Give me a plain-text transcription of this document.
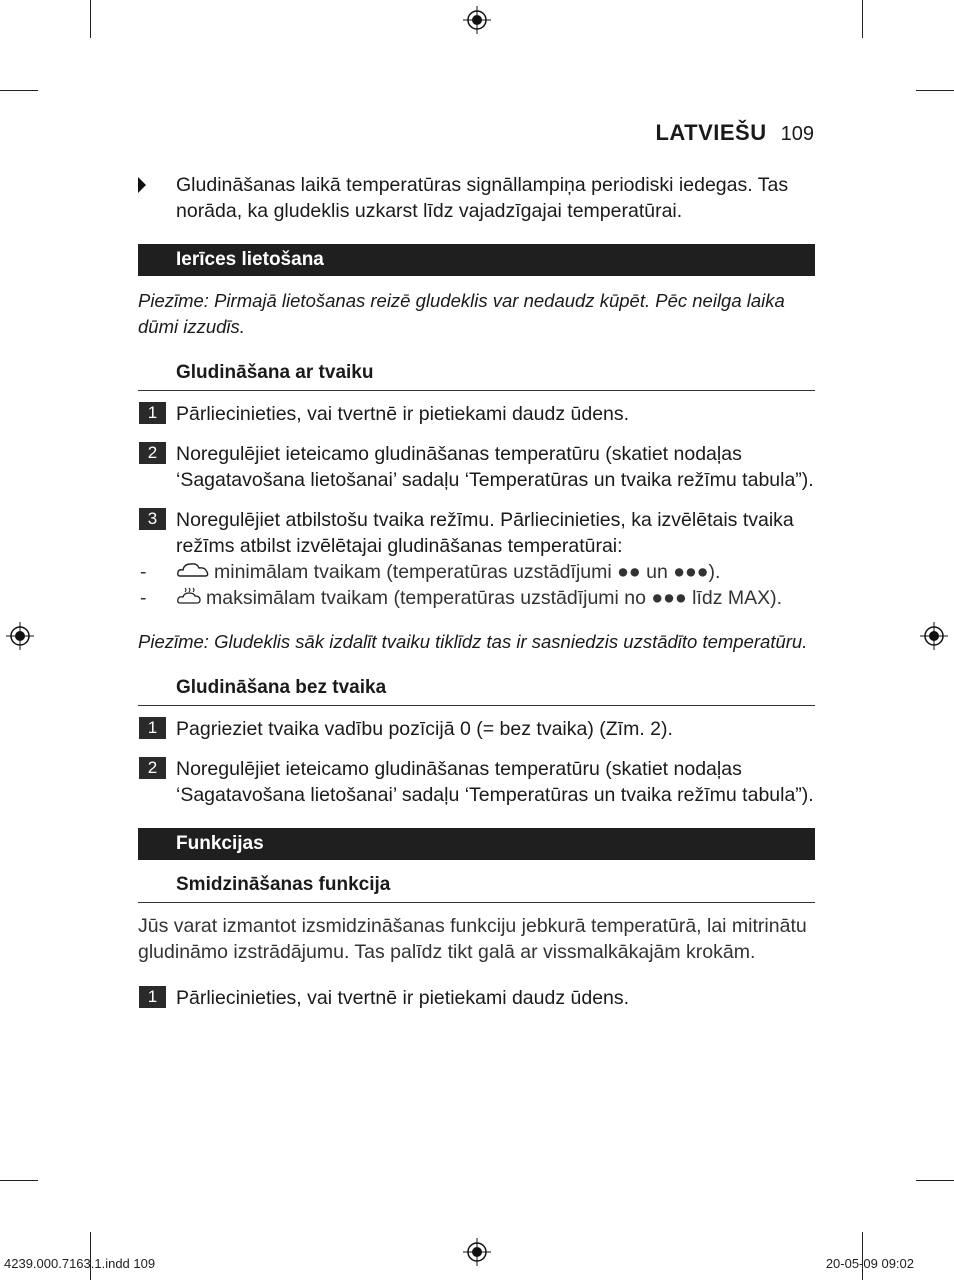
LATVIEŠU 109
Gludināšanas laikā temperatūras signāllampiņa periodiski iedegas. Tas norāda, ka gludeklis uzkarst līdz vajadzīgajai temperatūrai.
Ierīces lietošana
Piezīme: Pirmajā lietošanas reizē gludeklis var nedaudz kūpēt. Pēc neilga laika dūmi izzudīs.
Gludināšana ar tvaiku
1 Pārliecinieties, vai tvertnē ir pietiekami daudz ūdens.
2 Noregulējiet ieteicamo gludināšanas temperatūru (skatiet nodaļas ‘Sagatavošana lietošanai’ sadaļu ‘Temperatūras un tvaika režīmu tabula”).
3 Noregulējiet atbilstošu tvaika režīmu. Pārliecinieties, ka izvēlētais tvaika režīms atbilst izvēlētajai gludināšanas temperatūrai:
-	minimālam tvaikam (temperatūras uzstādījumi ●● un ●●●).
-	maksimālam tvaikam (temperatūras uzstādījumi no ●●● līdz MAX).
Piezīme: Gludeklis sāk izdalīt tvaiku tiklīdz tas ir sasniedzis uzstādīto temperatūru.
Gludināšana bez tvaika
1 Pagrieziet tvaika vadību pozīcijā 0 (= bez tvaika) (Zīm. 2).
2 Noregulējiet ieteicamo gludināšanas temperatūru (skatiet nodaļas ‘Sagatavošana lietošanai’ sadaļu ‘Temperatūras un tvaika režīmu tabula”).
Funkcijas
Smidzināšanas funkcija
Jūs varat izmantot izsmidzināšanas funkciju jebkurā temperatūrā, lai mitrinātu gludināmo izstrādājumu. Tas palīdz tikt galā ar vissmalkākajām krokām.
1 Pārliecinieties, vai tvertnē ir pietiekami daudz ūdens.
4239.000.7163.1.indd 109	20-05-09 09:02
